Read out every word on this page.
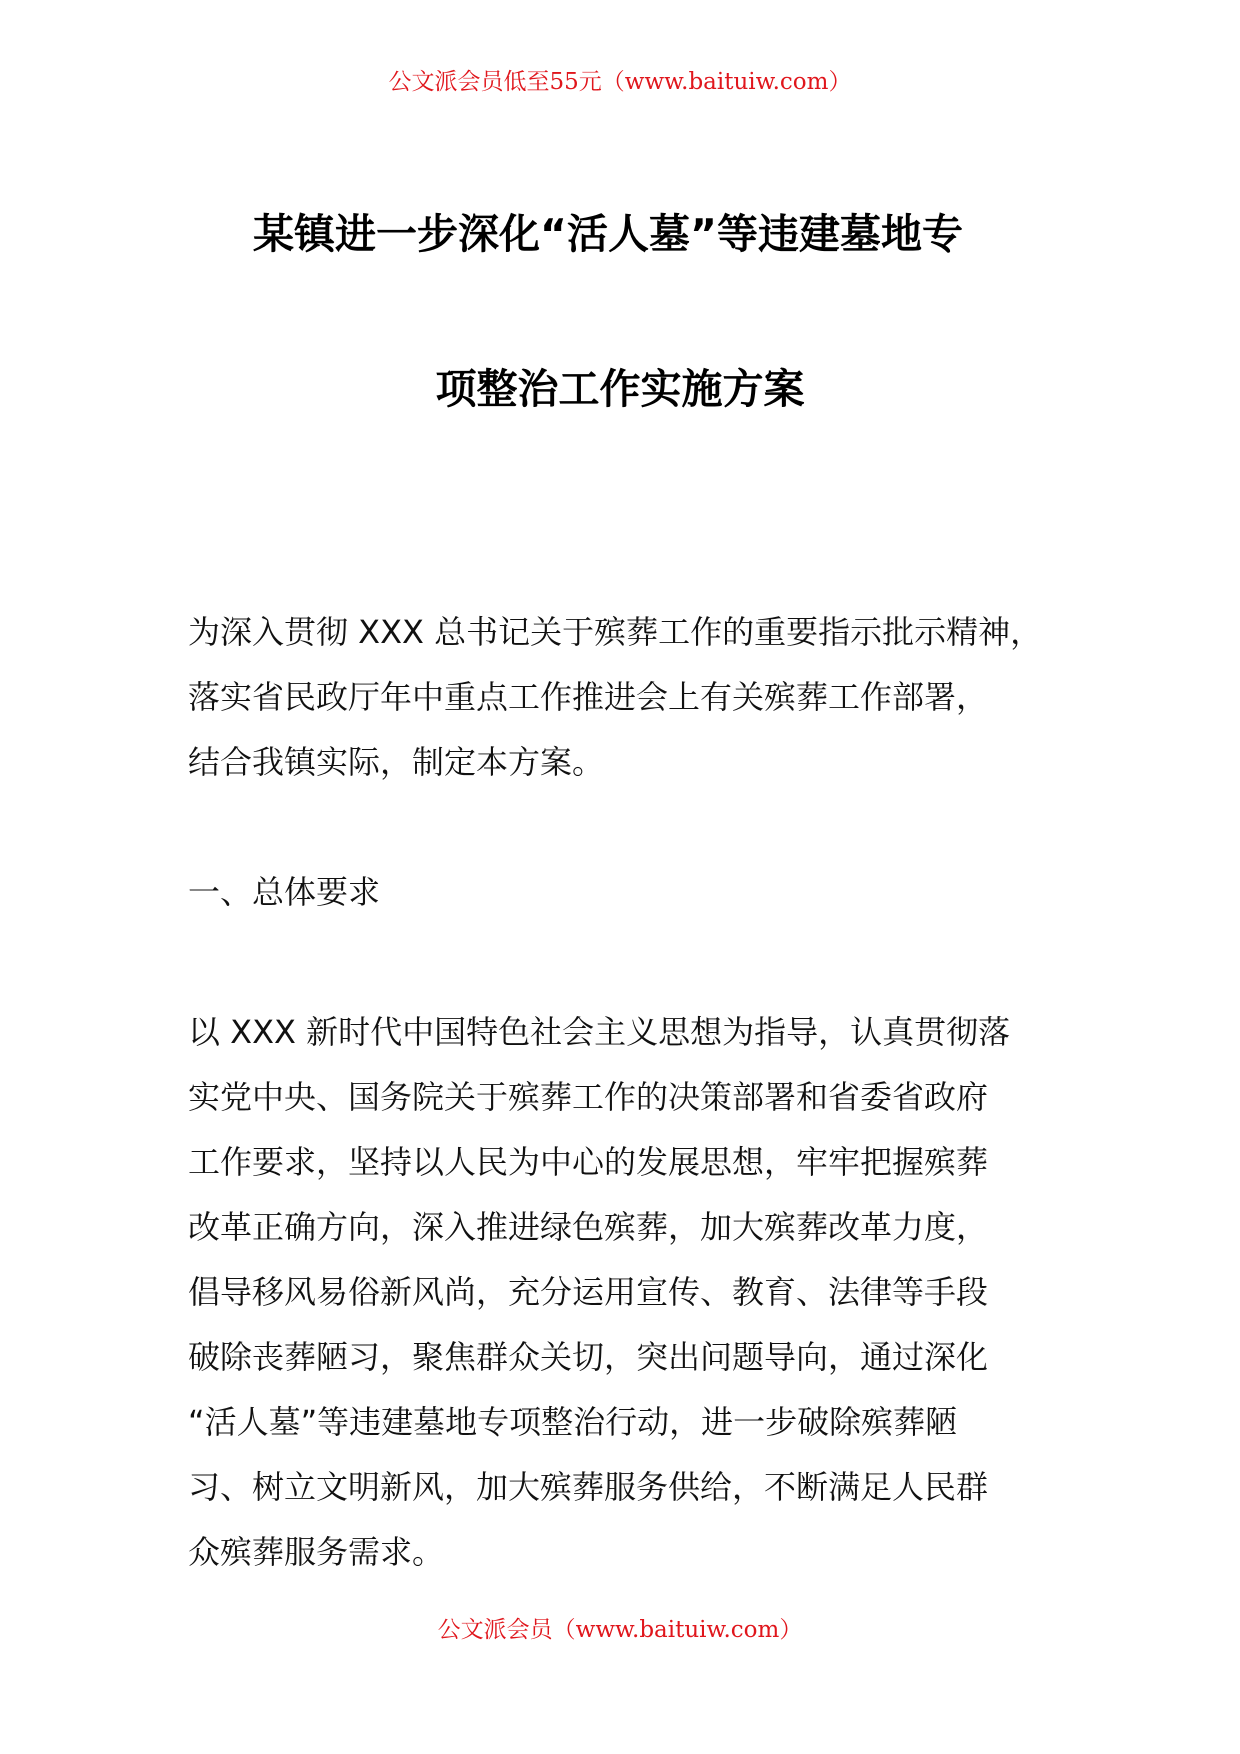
公文派会员低至55元（www.baituiw.com）
某镇进一步深化“活人墓”等违建墓地专
项整治工作实施方案
为深入贯彻 XXX 总书记关于殡葬工作的重要指示批示精神，
落实省民政厅年中重点工作推进会上有关殡葬工作部署，
结合我镇实际，制定本方案。
一、总体要求
以 XXX 新时代中国特色社会主义思想为指导，认真贯彻落
实党中央、国务院关于殡葬工作的决策部署和省委省政府
工作要求，坚持以人民为中心的发展思想，牢牢把握殡葬
改革正确方向，深入推进绿色殡葬，加大殡葬改革力度，
倡导移风易俗新风尚，充分运用宣传、教育、法律等手段
破除丧葬陋习，聚焦群众关切，突出问题导向，通过深化
“活人墓”等违建墓地专项整治行动，进一步破除殡葬陋
习、树立文明新风，加大殡葬服务供给，不断满足人民群
众殡葬服务需求。
公文派会员（www.baituiw.com）
